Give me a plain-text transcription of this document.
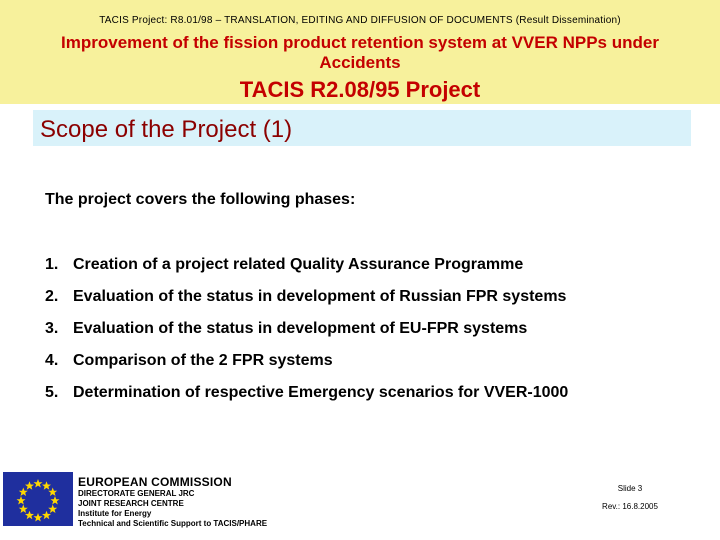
TACIS Project: R8.01/98 – TRANSLATION, EDITING AND DIFFUSION OF DOCUMENTS (Result Dissemination)
Improvement of the fission product retention system at VVER NPPs under Accidents
TACIS R2.08/95 Project
Scope of the Project (1)
The project covers the following phases:
1. Creation of a project related Quality Assurance Programme
2. Evaluation of the status in development of Russian FPR systems
3. Evaluation of the status in development of EU-FPR systems
4. Comparison of the 2 FPR systems
5. Determination of respective Emergency scenarios for VVER-1000
EUROPEAN COMMISSION
DIRECTORATE GENERAL JRC
JOINT RESEARCH CENTRE
Institute for Energy
Technical and Scientific Support to TACIS/PHARE
Slide 3
Rev.: 16.8.2005
